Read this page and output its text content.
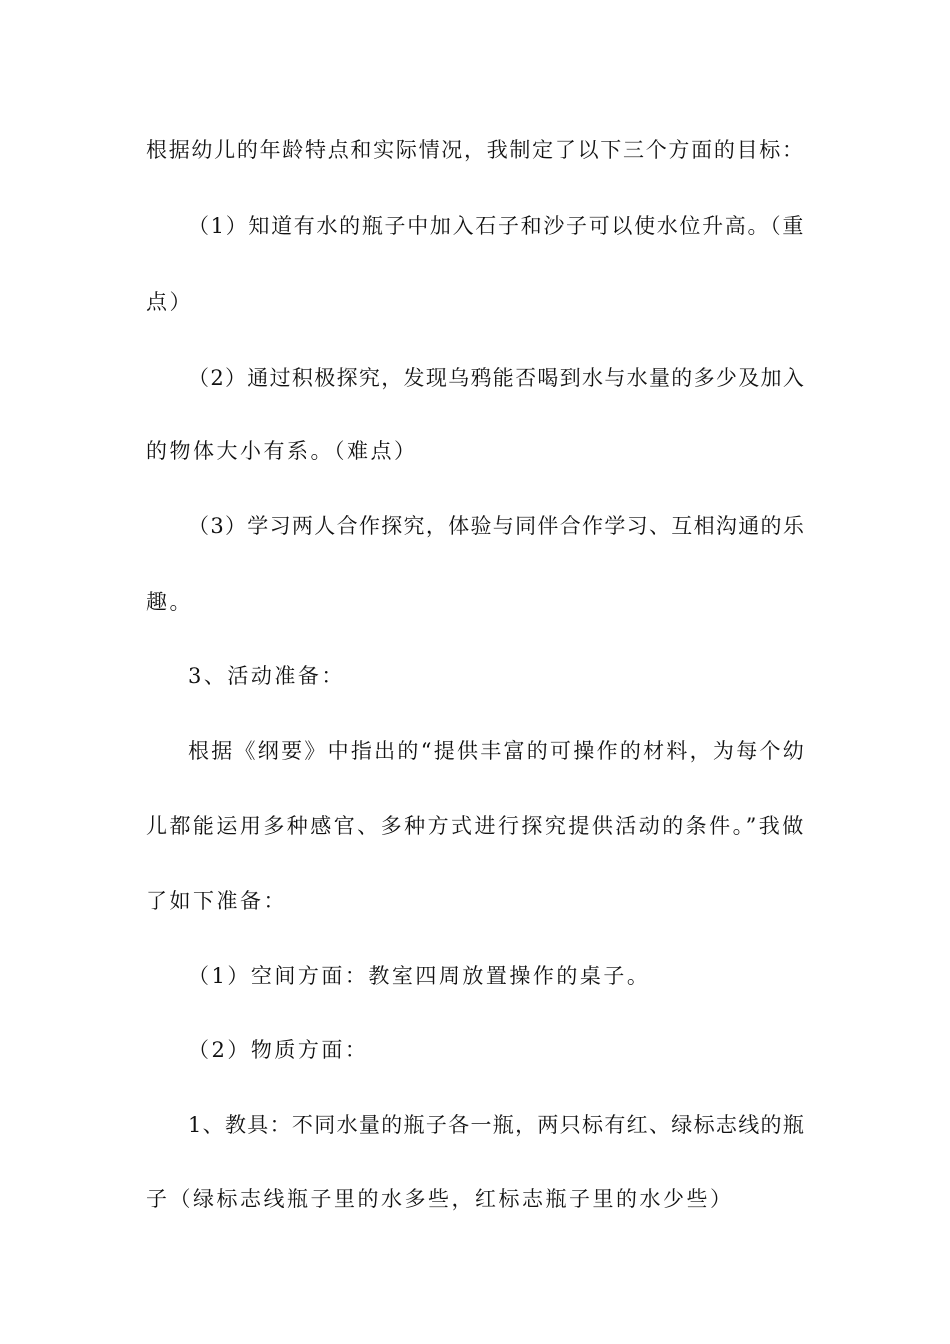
根据幼儿的年龄特点和实际情况，我制定了以下三个方面的目标：
（1）知道有水的瓶子中加入石子和沙子可以使水位升高。（重
点）
（2）通过积极探究，发现乌鸦能否喝到水与水量的多少及加入
的物体大小有系。（难点）
（3）学习两人合作探究，体验与同伴合作学习、互相沟通的乐
趣。
3、活动准备：
根据《纲要》中指出的“提供丰富的可操作的材料，为每个幼
儿都能运用多种感官、多种方式进行探究提供活动的条件。”我做
了如下准备：
（1）空间方面：教室四周放置操作的桌子。
（2）物质方面：
1、教具：不同水量的瓶子各一瓶，两只标有红、绿标志线的瓶
子（绿标志线瓶子里的水多些，红标志瓶子里的水少些）
